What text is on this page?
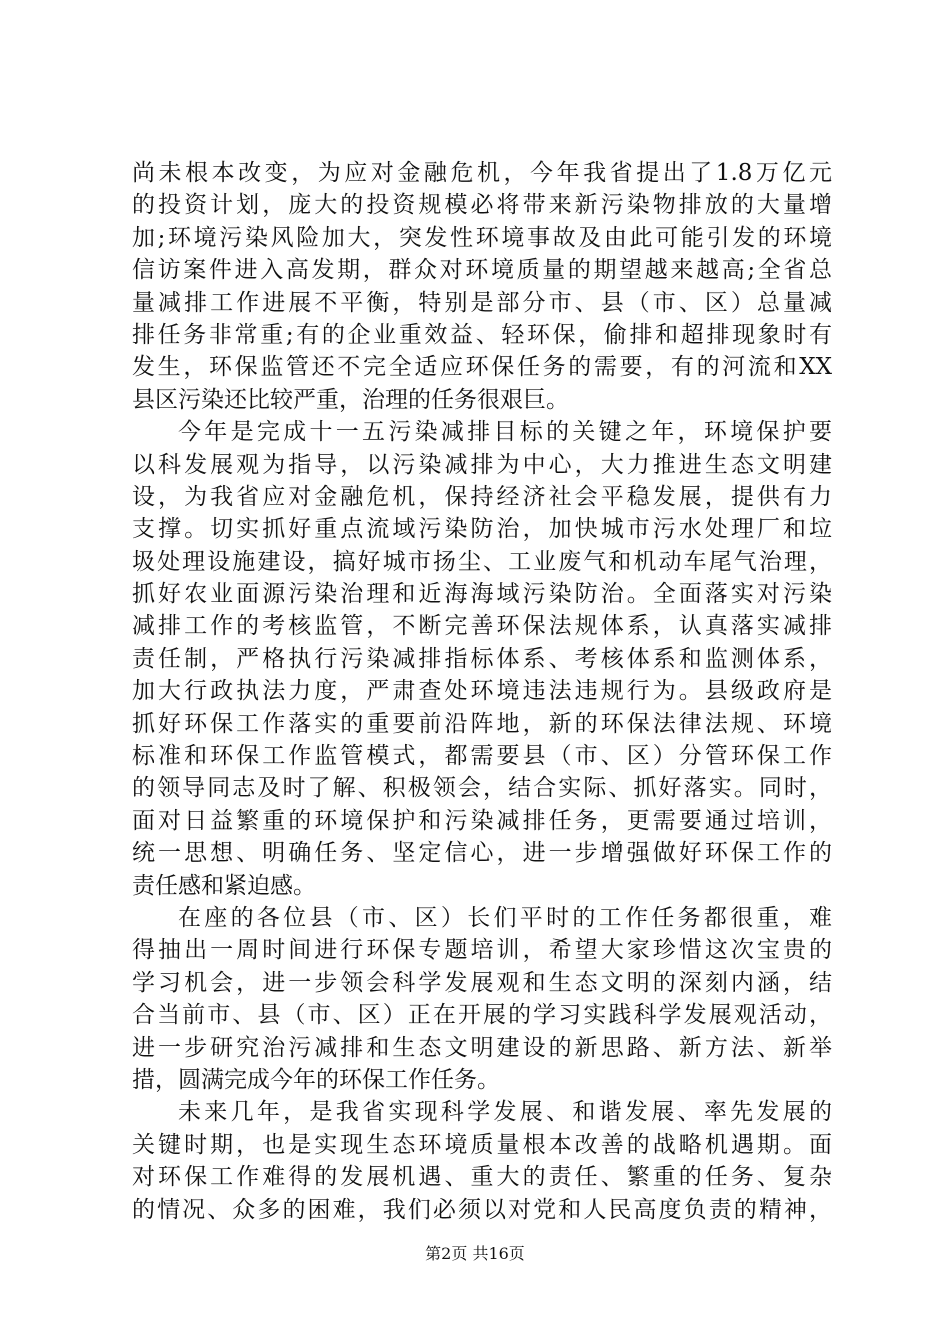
尚未根本改变，为应对金融危机，今年我省提出了1.8万亿元
的投资计划，庞大的投资规模必将带来新污染物排放的大量增
加;环境污染风险加大，突发性环境事故及由此可能引发的环境
信访案件进入高发期，群众对环境质量的期望越来越高;全省总
量减排工作进展不平衡，特别是部分市、县（市、区）总量减
排任务非常重;有的企业重效益、轻环保，偷排和超排现象时有
发生，环保监管还不完全适应环保任务的需要，有的河流和XX
县区污染还比较严重，治理的任务很艰巨。
今年是完成十一五污染减排目标的关键之年，环境保护要
以科发展观为指导，以污染减排为中心，大力推进生态文明建
设，为我省应对金融危机，保持经济社会平稳发展，提供有力
支撑。切实抓好重点流域污染防治，加快城市污水处理厂和垃
圾处理设施建设，搞好城市扬尘、工业废气和机动车尾气治理，
抓好农业面源污染治理和近海海域污染防治。全面落实对污染
减排工作的考核监管，不断完善环保法规体系，认真落实减排
责任制，严格执行污染减排指标体系、考核体系和监测体系，
加大行政执法力度，严肃查处环境违法违规行为。县级政府是
抓好环保工作落实的重要前沿阵地，新的环保法律法规、环境
标准和环保工作监管模式，都需要县（市、区）分管环保工作
的领导同志及时了解、积极领会，结合实际、抓好落实。同时，
面对日益繁重的环境保护和污染减排任务，更需要通过培训，
统一思想、明确任务、坚定信心，进一步增强做好环保工作的
责任感和紧迫感。
在座的各位县（市、区）长们平时的工作任务都很重，难
得抽出一周时间进行环保专题培训，希望大家珍惜这次宝贵的
学习机会，进一步领会科学发展观和生态文明的深刻内涵，结
合当前市、县（市、区）正在开展的学习实践科学发展观活动，
进一步研究治污减排和生态文明建设的新思路、新方法、新举
措，圆满完成今年的环保工作任务。
未来几年，是我省实现科学发展、和谐发展、率先发展的
关键时期，也是实现生态环境质量根本改善的战略机遇期。面
对环保工作难得的发展机遇、重大的责任、繁重的任务、复杂
的情况、众多的困难，我们必须以对党和人民高度负责的精神，
第2页 共16页
